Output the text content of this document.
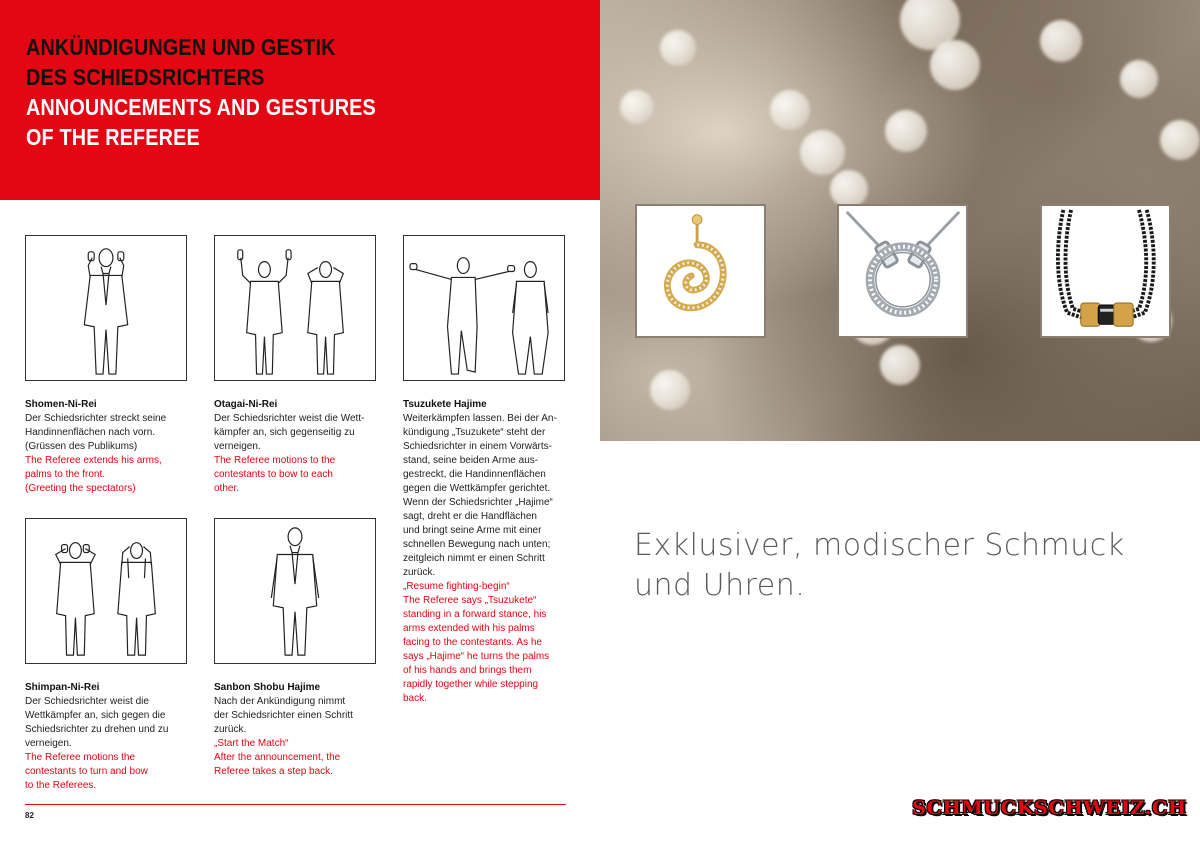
ANKÜNDIGUNGEN UND GESTIK
DES SCHIEDSRICHTERS
ANNOUNCEMENTS AND GESTURES
OF THE REFEREE
Shomen-Ni-Rei
Der Schiedsrichter streckt seine
Handinnenflächen nach vorn.
(Grüssen des Publikums)
The Referee extends his arms,
palms to the front.
(Greeting the spectators)
Otagai-Ni-Rei
Der Schiedsrichter weist die Wett-
kämpfer an, sich gegenseitig zu
verneigen.
The Referee motions to the
contestants to bow to each
other.
Tsuzukete Hajime
Weiterkämpfen lassen. Bei der An-
kündigung „Tsuzukete“ steht der
Schiedsrichter in einem Vorwärts-
stand, seine beiden Arme aus-
gestreckt, die Handinnenflächen
gegen die Wettkämpfer gerichtet.
Wenn der Schiedsrichter „Hajime“
sagt, dreht er die Handflächen
und bringt seine Arme mit einer
schnellen Bewegung nach unten;
zeitgleich nimmt er einen Schritt
zurück.
„Resume fighting-begin“
The Referee says „Tsuzukete“
standing in a forward stance, his
arms extended with his palms
facing to the contestants. As he
says „Hajime“ he turns the palms
of his hands and brings them
rapidly together while stepping
back.
Shimpan-Ni-Rei
Der Schiedsrichter weist die
Wettkämpfer an, sich gegen die
Schiedsrichter zu drehen und zu
verneigen.
The Referee motions the
contestants to turn and bow
to the Referees.
Sanbon Shobu Hajime
Nach der Ankündigung nimmt
der Schiedsrichter einen Schritt
zurück.
„Start the Match“
After the announcement, the
Referee takes a step back.
82	SCHMUCKSCHWEIZ.CH
Exklusiver, modischer Schmuck
und Uhren.
